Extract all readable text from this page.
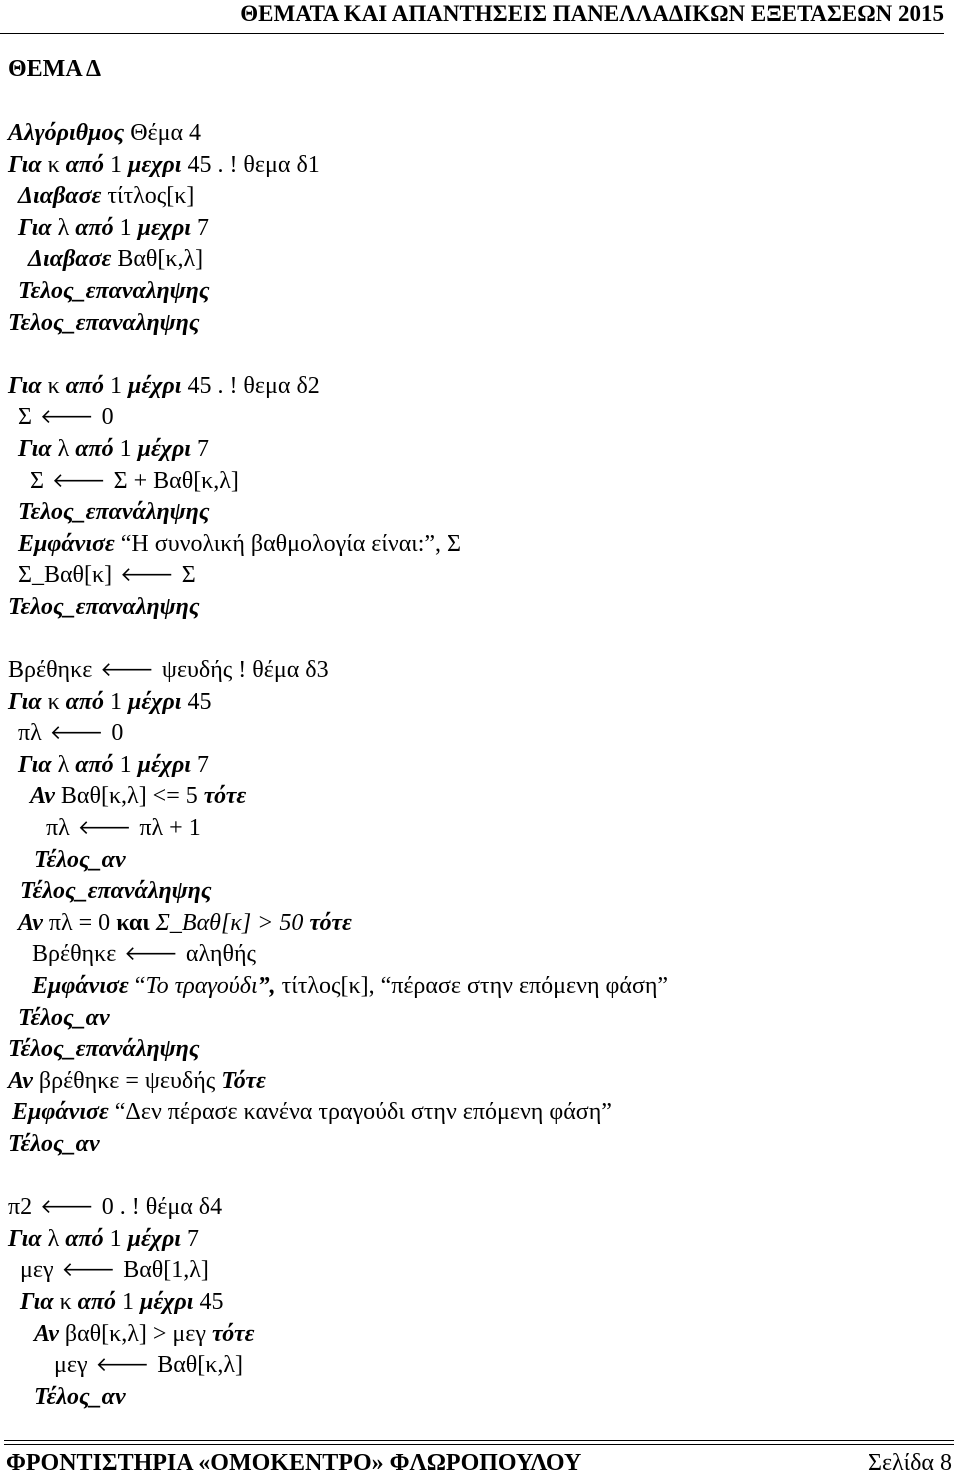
ΘΕΜΑΤΑ ΚΑΙ ΑΠΑΝΤΗΣΕΙΣ ΠΑΝΕΛΛΑΔΙΚΩΝ ΕΞΕΤΑΣΕΩΝ 2015
ΘΕΜΑ Δ
Αλγόριθμος Θέμα 4
Για κ από 1 μεχρι 45 . ! θεμα δ1
Διαβασε τίτλος[κ]
Για λ από 1 μεχρι 7
Διαβασε Βαθ[κ,λ]
Τελος_επαναληψης
Τελος_επαναληψης
Για κ από 1 μέχρι 45 . ! θεμα δ2
Σ 🡐 0
Για λ από 1 μέχρι 7
Σ 🡐 Σ + Βαθ[κ,λ]
Τελος_επανάληψης
Εμφάνισε “Η συνολική βαθμολογία είναι:”, Σ
Σ_Βαθ[κ] 🡐 Σ
Τελος_επαναληψης
Βρέθηκε 🡐 ψευδής ! θέμα δ3
Για κ από 1 μέχρι 45
πλ 🡐 0
Για λ από 1 μέχρι 7
Αν Βαθ[κ,λ] <= 5 τότε
πλ 🡐 πλ + 1
Τέλος_αν
Τέλος_επανάληψης
Αν πλ = 0 και Σ_Βαθ[κ] > 50 τότε
Βρέθηκε 🡐 αληθής
Εμφάνισε “Το τραγούδι”, τίτλος[κ], “πέρασε στην επόμενη φάση”
Τέλος_αν
Τέλος_επανάληψης
Αν βρέθηκε = ψευδής Τότε
Εμφάνισε “Δεν πέρασε κανένα τραγούδι στην επόμενη φάση”
Τέλος_αν
π2 🡐 0 . ! θέμα δ4
Για λ από 1 μέχρι 7
μεγ 🡐 Βαθ[1,λ]
Για κ από 1 μέχρι 45
Αν βαθ[κ,λ] > μεγ τότε
μεγ 🡐 Βαθ[κ,λ]
Τέλος_αν
ΦΡΟΝΤΙΣΤΗΡΙΑ «ΟΜΟΚΕΝΤΡΟ» ΦΛΩΡΟΠΟΥΛΟΥ	Σελίδα 8
